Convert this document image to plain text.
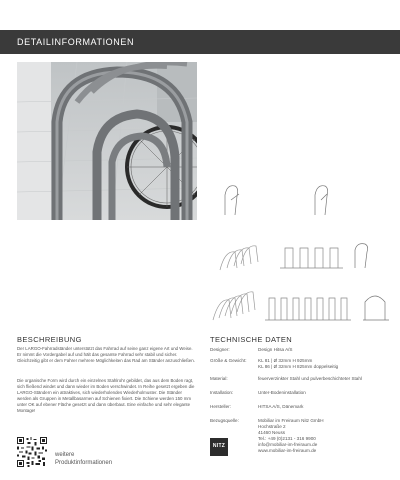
DETAILINFORMATIONEN
BESCHREIBUNG
Der LARGO-Fahrradständer unterstützt das Fahrrad auf seine ganz eigene Art und Weise. Er nimmt die Vordergabel auf und hält das gesamte Fahrrad sehr stabil und sicher. Gleichzeitig gibt er dem Fahrer mehrere Möglichkeiten das Rad am Ständer anzuschließen.
Die organische Form wird durch ein einzelnes Stahlrohr gebildet, das aus dem Boden ragt, sich fließend windet und dann wieder im Boden verschwindet. In Reihe gesetzt ergeben die LARGO-Ständern ein attraktives, sich wiederholendes Wiederholmuster. Die Ständer werden als Gruppen in Metallbasarmen auf Schienen fixiert. Die Schiene werden 150 mm unter OK auf ebener Fläche gesetzt und dann überbaut. Eine einfache und sehr elegante Montage!
TECHNISCHE DATEN
Designer:	Design Hitsa A/S
Größe & Gewicht:	KL 81 | Ø 32mm H 925mm
KL 86 | Ø 32mm H 825mm doppelseitig
Material:	feuerverzinkter Stahl und pulverbeschichteter Stahl
Installation:	Unter-Bodeninstallation
Hersteller:	HITSA A/S, Dänemark
Bezugsquelle:	Mobiliar im Freiraum Nitz GmbH
Hochstraße 2
41460 Neuss
Tel.: +49 (0)2131 - 316 9900
info@mobiliar-im-freiraum.de
www.mobiliar-im-freiraum.de
NITZ
weitere
Produktinformationen
